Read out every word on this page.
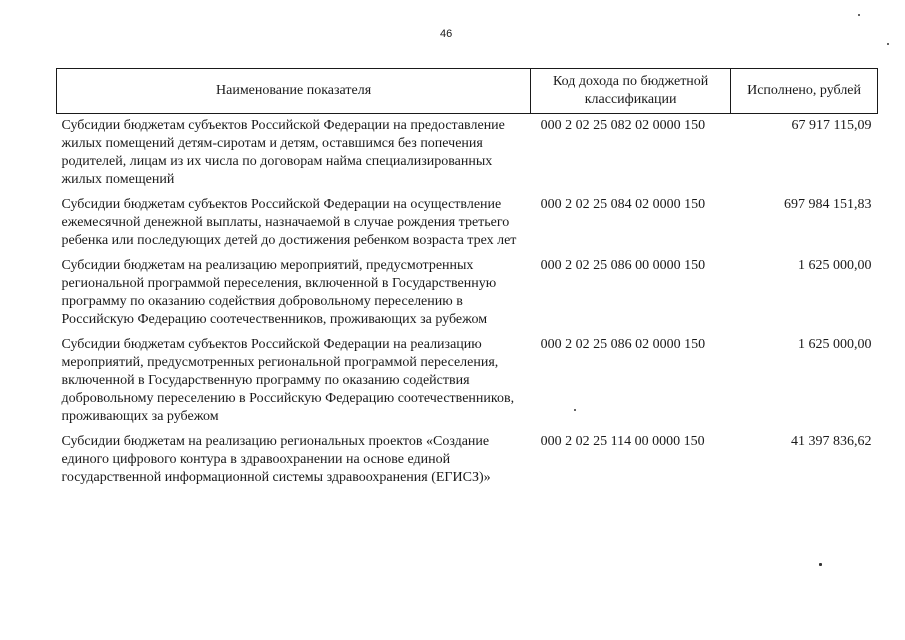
46
Наименование показателя	Код дохода по бюджетной классификации	Исполнено, рублей
Субсидии бюджетам субъектов Российской Федерации на предоставление жилых помещений детям-сиротам и детям, оставшимся без попечения родителей, лицам из их числа по договорам найма специализированных жилых помещений	000 2 02 25 082 02 0000 150	67 917 115,09
Субсидии бюджетам субъектов Российской Федерации на осуществление ежемесячной денежной выплаты, назначаемой в случае рождения третьего ребенка или последующих детей до достижения ребенком возраста трех лет	000 2 02 25 084 02 0000 150	697 984 151,83
Субсидии бюджетам на реализацию мероприятий, предусмотренных региональной программой переселения, включенной в Государственную программу по оказанию содействия добровольному переселению в Российскую Федерацию соотечественников, проживающих за рубежом	000 2 02 25 086 00 0000 150	1 625 000,00
Субсидии бюджетам субъектов Российской Федерации на реализацию мероприятий, предусмотренных региональной программой переселения, включенной в Государственную программу по оказанию содействия добровольному переселению в Российскую Федерацию соотечественников, проживающих за рубежом	000 2 02 25 086 02 0000 150	1 625 000,00
Субсидии бюджетам на реализацию региональных проектов «Создание единого цифрового контура в здравоохранении на основе единой государственной информационной системы здравоохранения (ЕГИСЗ)»	000 2 02 25 114 00 0000 150	41 397 836,62
